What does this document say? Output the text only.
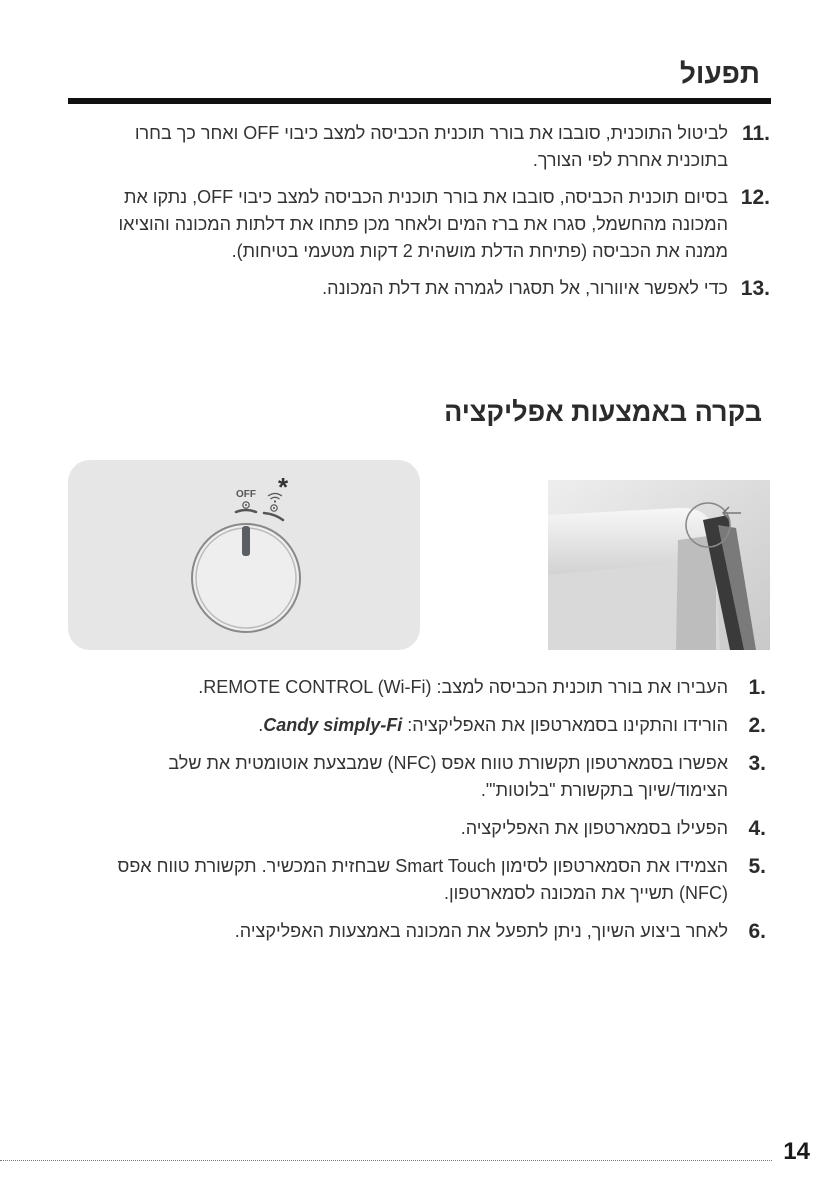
תפעול
11.
לביטול התוכנית, סובבו את בורר תוכנית הכביסה למצב כיבוי OFF ואחר כך בחרו בתוכנית אחרת לפי הצורך.
12.
בסיום תוכנית הכביסה, סובבו את בורר תוכנית הכביסה למצב כיבוי OFF, נתקו את המכונה מהחשמל, סגרו את ברז המים ולאחר מכן פתחו את דלתות המכונה והוציאו ממנה את הכביסה (פתיחת הדלת מושהית 2 דקות מטעמי בטיחות).
13.
כדי לאפשר איוורור, אל תסגרו לגמרה את דלת המכונה.
בקרה באמצעות אפליקציה
OFF *
1.
העבירו את בורר תוכנית הכביסה למצב: REMOTE CONTROL (Wi-Fi).
2.
הורידו והתקינו בסמארטפון את האפליקציה: Candy simply-Fi.
3.
אפשרו בסמארטפון תקשורת טווח אפס (NFC) שמבצעת אוטומטית את שלב הצימוד/שיוך בתקשורת "בלוטות'".
4.
הפעילו בסמארטפון את האפליקציה.
5.
הצמידו את הסמארטפון לסימון Smart Touch שבחזית המכשיר. תקשורת טווח אפס (NFC) תשייך את המכונה לסמארטפון.
6.
לאחר ביצוע השיוך, ניתן לתפעל את המכונה באמצעות האפליקציה.
14
